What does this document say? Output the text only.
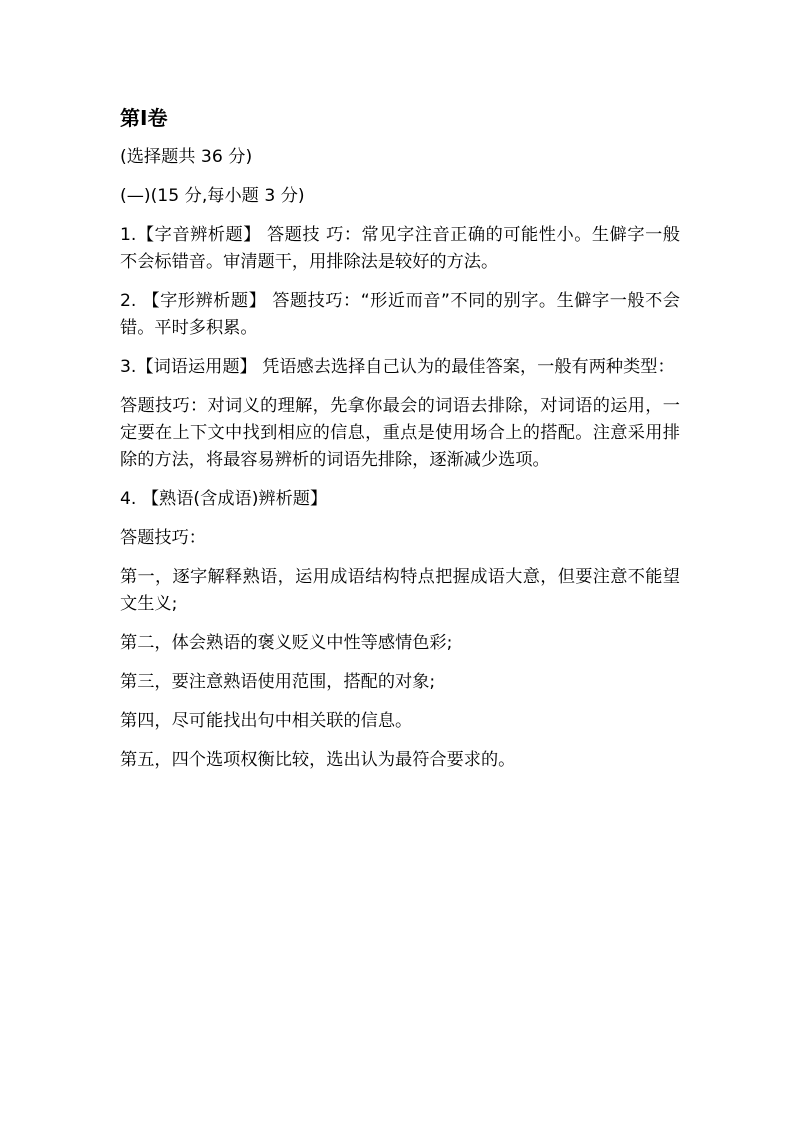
第Ⅰ卷
(选择题共 36 分)
(—)(15 分,每小题 3 分)
1.【字音辨析题】 答题技 巧：常见字注音正确的可能性小。生僻字一般不会标错音。审清题干，用排除法是较好的方法。
2. 【字形辨析题】 答题技巧：“形近而音”不同的别字。生僻字一般不会错。平时多积累。
3.【词语运用题】 凭语感去选择自己认为的最佳答案，一般有两种类型：
答题技巧：对词义的理解，先拿你最会的词语去排除，对词语的运用，一定要在上下文中找到相应的信息，重点是使用场合上的搭配。注意采用排除的方法，将最容易辨析的词语先排除，逐渐减少选项。
4. 【熟语(含成语)辨析题】
答题技巧：
第一，逐字解释熟语，运用成语结构特点把握成语大意，但要注意不能望文生义;
第二，体会熟语的褒义贬义中性等感情色彩;
第三，要注意熟语使用范围，搭配的对象;
第四，尽可能找出句中相关联的信息。
第五，四个选项权衡比较，选出认为最符合要求的。
